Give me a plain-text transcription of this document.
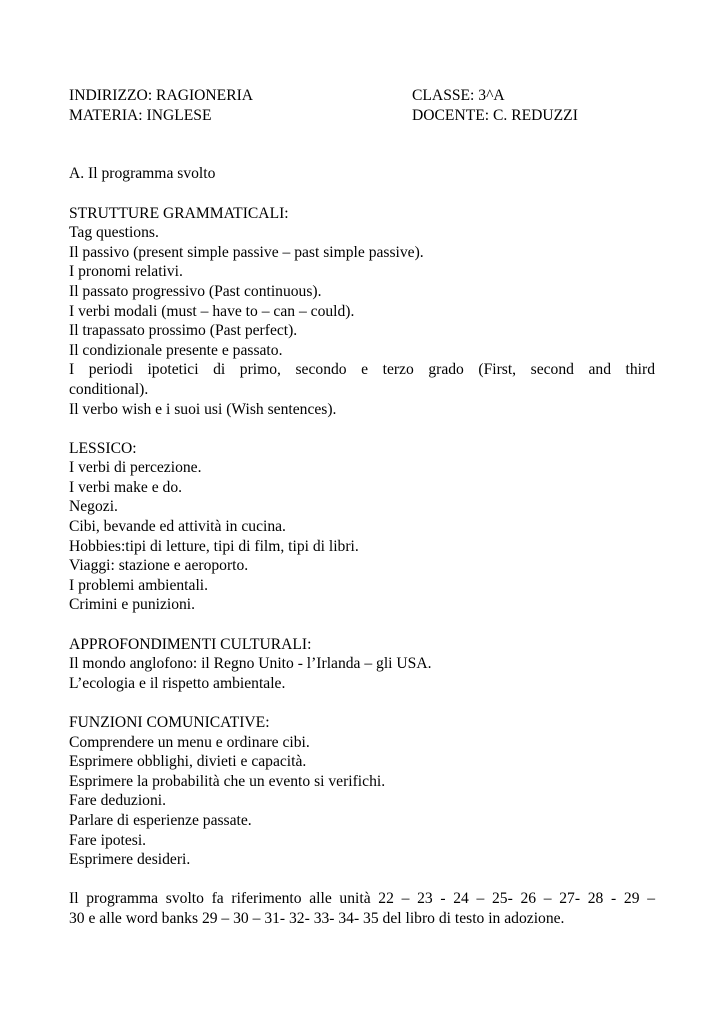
INDIRIZZO: RAGIONERIA	CLASSE: 3^A
MATERIA: INGLESE	DOCENTE: C. REDUZZI
A. Il programma svolto
STRUTTURE GRAMMATICALI:
Tag questions.
Il passivo (present simple passive – past simple passive).
I pronomi relativi.
Il passato progressivo (Past continuous).
I verbi modali (must – have to – can – could).
Il trapassato prossimo (Past perfect).
Il condizionale presente e passato.
I periodi ipotetici di primo, secondo e terzo grado (First, second and third
conditional).
Il verbo wish e i suoi usi (Wish sentences).
LESSICO:
I verbi di percezione.
I verbi make e do.
Negozi.
Cibi, bevande ed attività in cucina.
Hobbies:tipi di letture, tipi di film, tipi di libri.
Viaggi: stazione e aeroporto.
I problemi ambientali.
Crimini e punizioni.
APPROFONDIMENTI CULTURALI:
Il mondo anglofono: il Regno Unito - l’Irlanda – gli USA.
L’ecologia e il rispetto ambientale.
FUNZIONI COMUNICATIVE:
Comprendere un menu e ordinare cibi.
Esprimere obblighi, divieti e capacità.
Esprimere la probabilità che un evento si verifichi.
Fare deduzioni.
Parlare di esperienze passate.
Fare ipotesi.
Esprimere desideri.
Il programma svolto fa riferimento alle unità 22 – 23 - 24 – 25- 26 – 27- 28 - 29 –
30 e alle word banks 29 – 30 – 31- 32- 33- 34- 35 del libro di testo in adozione.
